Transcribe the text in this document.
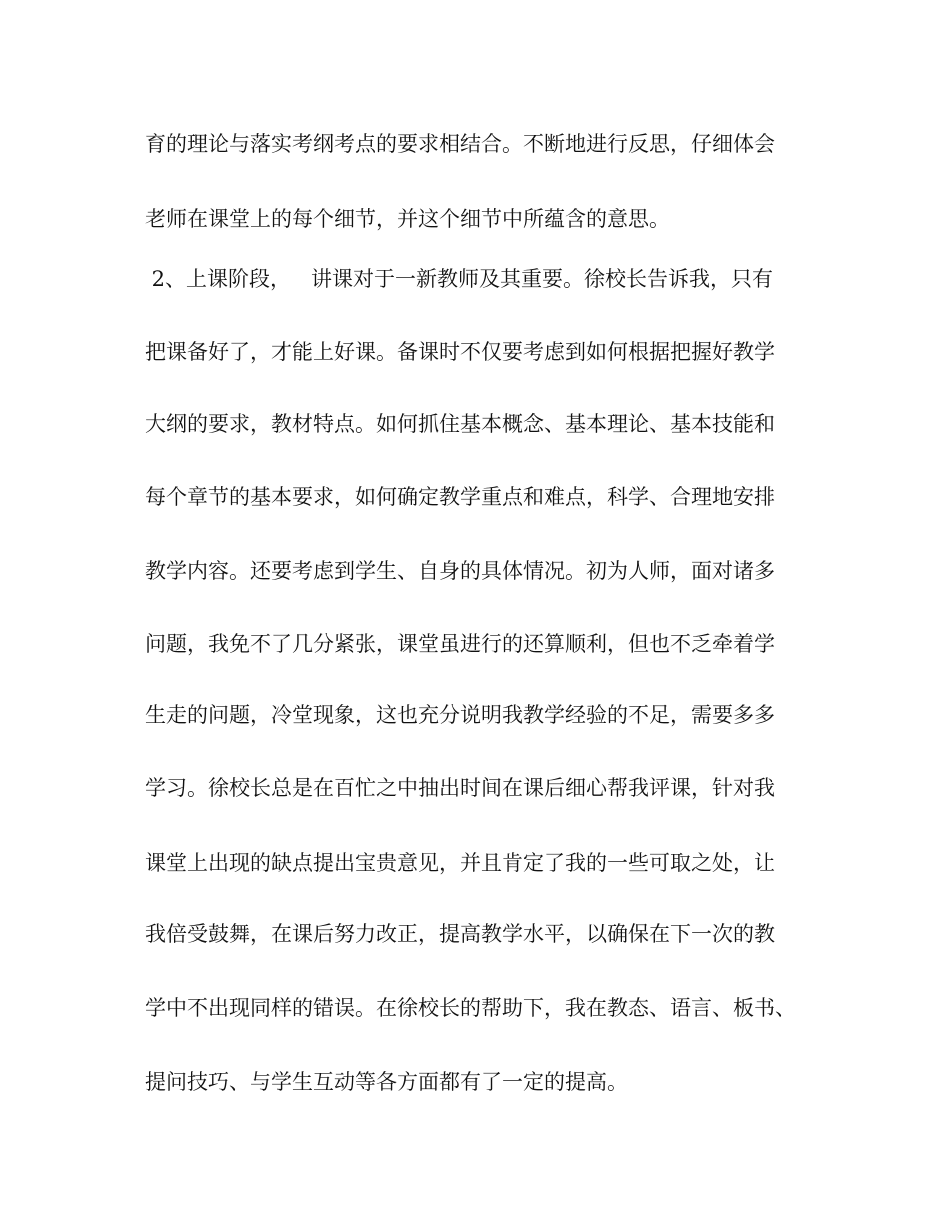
育的理论与落实考纲考点的要求相结合。不断地进行反思，仔细体会

老师在课堂上的每个细节，并这个细节中所蕴含的意思。

2、上课阶段，   讲课对于一新教师及其重要。徐校长告诉我，只有

把课备好了，才能上好课。备课时不仅要考虑到如何根据把握好教学

大纲的要求，教材特点。如何抓住基本概念、基本理论、基本技能和

每个章节的基本要求，如何确定教学重点和难点，科学、合理地安排

教学内容。还要考虑到学生、自身的具体情况。初为人师，面对诸多

问题，我免不了几分紧张，课堂虽进行的还算顺利，但也不乏牵着学

生走的问题，冷堂现象，这也充分说明我教学经验的不足，需要多多

学习。徐校长总是在百忙之中抽出时间在课后细心帮我评课，针对我

课堂上出现的缺点提出宝贵意见，并且肯定了我的一些可取之处，让

我倍受鼓舞，在课后努力改正，提高教学水平，以确保在下一次的教

学中不出现同样的错误。在徐校长的帮助下，我在教态、语言、板书、

提问技巧、与学生互动等各方面都有了一定的提高。
